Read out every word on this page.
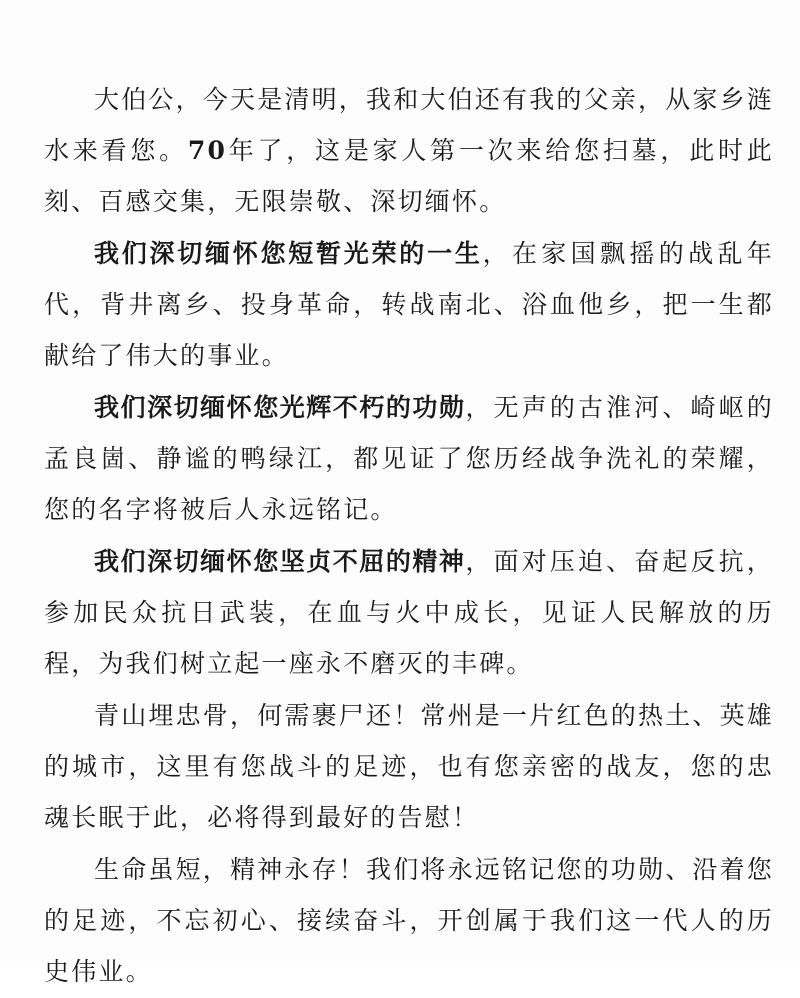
大伯公，今天是清明，我和大伯还有我的父亲，从家乡涟水来看您。70年了，这是家人第一次来给您扫墓，此时此刻、百感交集，无限崇敬、深切缅怀。

我们深切缅怀您短暂光荣的一生，在家国飘摇的战乱年代，背井离乡、投身革命，转战南北、浴血他乡，把一生都献给了伟大的事业。

我们深切缅怀您光辉不朽的功勋，无声的古淮河、崎岖的孟良崮、静谧的鸭绿江，都见证了您历经战争洗礼的荣耀，您的名字将被后人永远铭记。

我们深切缅怀您坚贞不屈的精神，面对压迫、奋起反抗，参加民众抗日武装，在血与火中成长，见证人民解放的历程，为我们树立起一座永不磨灭的丰碑。

青山埋忠骨，何需裹尸还！常州是一片红色的热土、英雄的城市，这里有您战斗的足迹，也有您亲密的战友，您的忠魂长眠于此，必将得到最好的告慰！

生命虽短，精神永存！我们将永远铭记您的功勋、沿着您的足迹，不忘初心、接续奋斗，开创属于我们这一代人的历史伟业。
